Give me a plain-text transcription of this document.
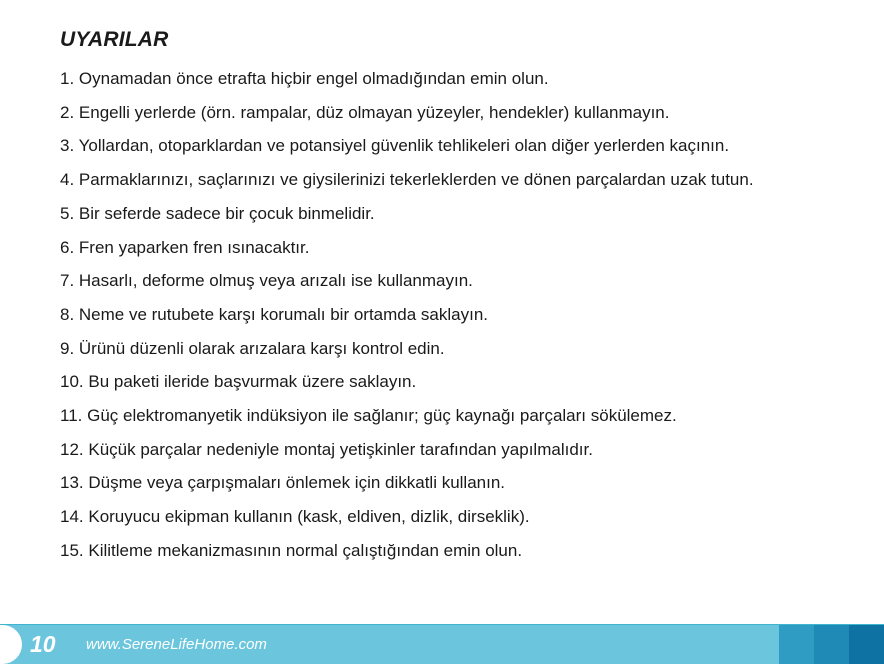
UYARILAR
1. Oynamadan önce etrafta hiçbir engel olmadığından emin olun.
2. Engelli yerlerde (örn. rampalar, düz olmayan yüzeyler, hendekler) kullanmayın.
3. Yollardan, otoparklardan ve potansiyel güvenlik tehlikeleri olan diğer yerlerden kaçının.
4. Parmaklarınızı, saçlarınızı ve giysilerinizi tekerleklerden ve dönen parçalardan uzak tutun.
5. Bir seferde sadece bir çocuk binmelidir.
6. Fren yaparken fren ısınacaktır.
7. Hasarlı, deforme olmuş veya arızalı ise kullanmayın.
8. Neme ve rutubete karşı korumalı bir ortamda saklayın.
9. Ürünü düzenli olarak arızalara karşı kontrol edin.
10. Bu paketi ileride başvurmak üzere saklayın.
11. Güç elektromanyetik indüksiyon ile sağlanır; güç kaynağı parçaları sökülemez.
12. Küçük parçalar nedeniyle montaj yetişkinler tarafından yapılmalıdır.
13. Düşme veya çarpışmaları önlemek için dikkatli kullanın.
14. Koruyucu ekipman kullanın (kask, eldiven, dizlik, dirseklik).
15. Kilitleme mekanizmasının normal çalıştığından emin olun.
10	www.SereneLifeHome.com
